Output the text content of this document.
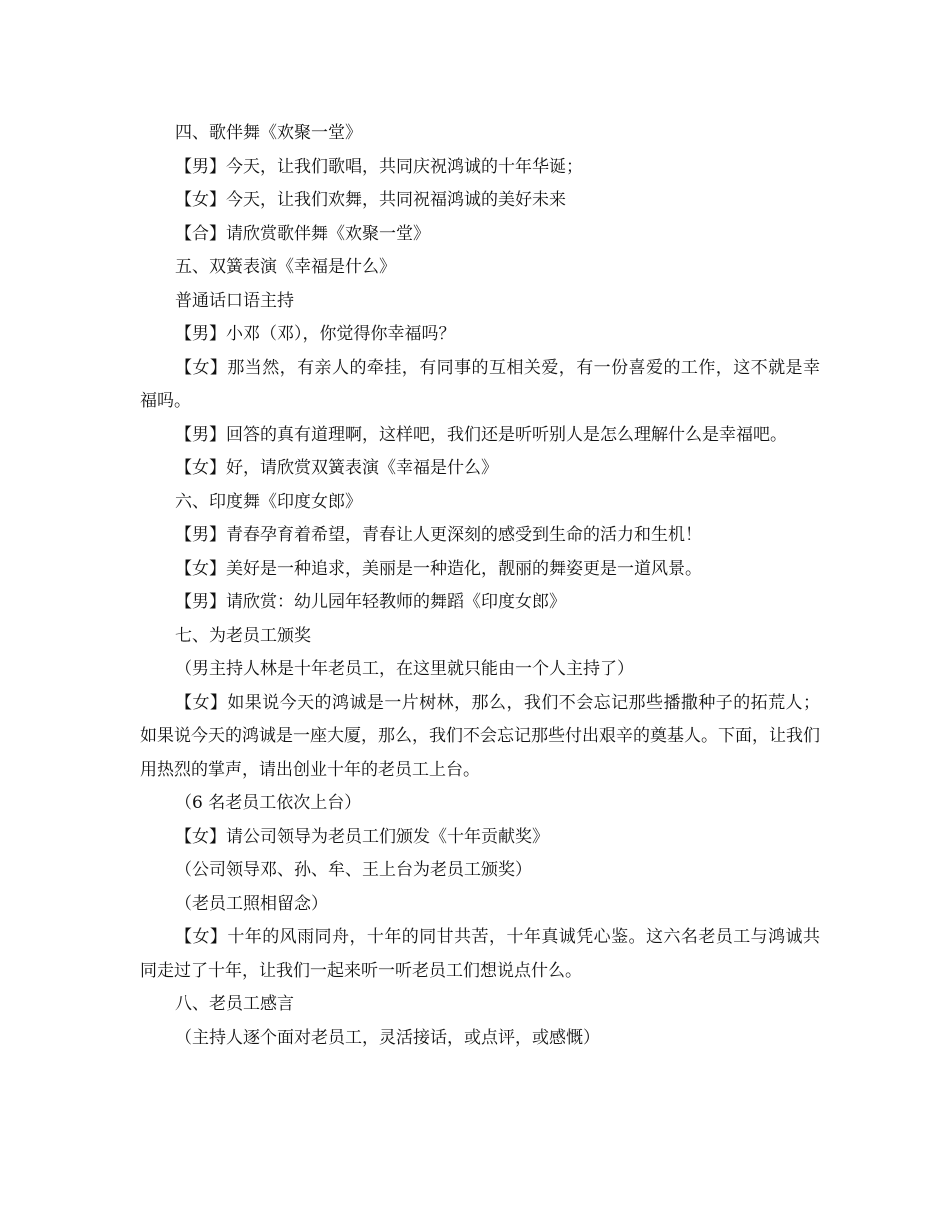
四、歌伴舞《欢聚一堂》

【男】今天，让我们歌唱，共同庆祝鸿诚的十年华诞；

【女】今天，让我们欢舞，共同祝福鸿诚的美好未来

【合】请欣赏歌伴舞《欢聚一堂》

五、双簧表演《幸福是什么》

普通话口语主持

【男】小邓（邓），你觉得你幸福吗？

【女】那当然，有亲人的牵挂，有同事的互相关爱，有一份喜爱的工作，这不就是幸福吗。

【男】回答的真有道理啊，这样吧，我们还是听听别人是怎么理解什么是幸福吧。

【女】好，请欣赏双簧表演《幸福是什么》

六、印度舞《印度女郎》

【男】青春孕育着希望，青春让人更深刻的感受到生命的活力和生机！

【女】美好是一种追求，美丽是一种造化，靓丽的舞姿更是一道风景。

【男】请欣赏：幼儿园年轻教师的舞蹈《印度女郎》

七、为老员工颁奖

（男主持人林是十年老员工，在这里就只能由一个人主持了）

【女】如果说今天的鸿诚是一片树林，那么，我们不会忘记那些播撒种子的拓荒人；如果说今天的鸿诚是一座大厦，那么，我们不会忘记那些付出艰辛的奠基人。下面，让我们用热烈的掌声，请出创业十年的老员工上台。

（6 名老员工依次上台）

【女】请公司领导为老员工们颁发《十年贡献奖》

（公司领导邓、孙、牟、王上台为老员工颁奖）

（老员工照相留念）

【女】十年的风雨同舟，十年的同甘共苦，十年真诚凭心鉴。这六名老员工与鸿诚共同走过了十年，让我们一起来听一听老员工们想说点什么。

八、老员工感言

（主持人逐个面对老员工，灵活接话，或点评，或感慨）
